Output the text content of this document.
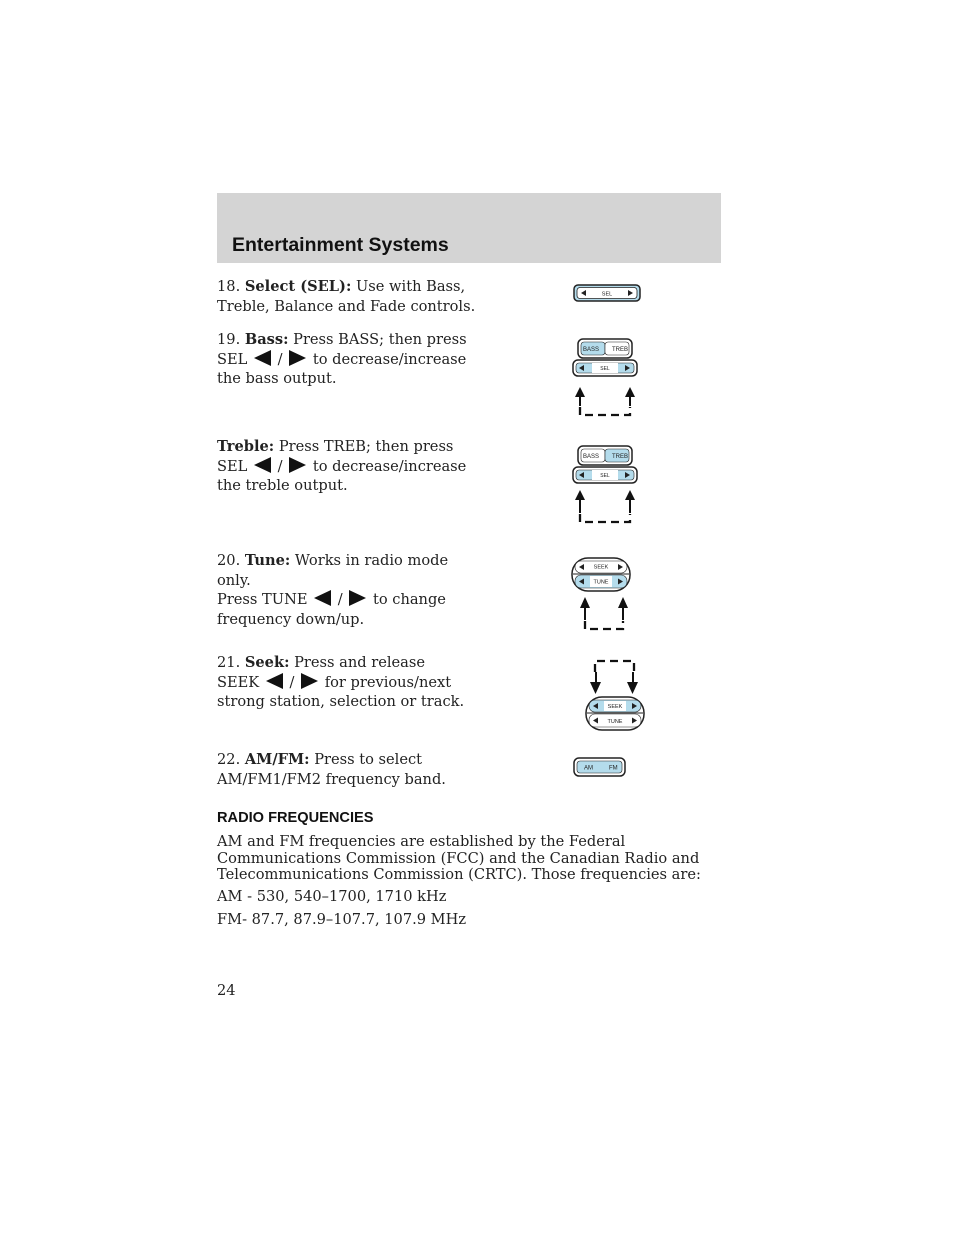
Entertainment Systems

18. Select (SEL): Use with Bass, Treble, Balance and Fade controls.

19. Bass: Press BASS; then press
SEL /  to decrease/increase
the bass output.

Treble: Press TREB; then press
SEL /  to decrease/increase
the treble output.

20. Tune: Works in radio mode only.
Press TUNE /  to change
frequency down/up.

21. Seek: Press and release
SEEK /  for previous/next
strong station, selection or track.

22. AM/FM: Press to select AM/FM1/FM2 frequency band.

SEL
BASS TREB
SEL
BASS TREB
SEL
SEEK
TUNE
SEEK
TUNE
AM	FM
RADIO FREQUENCIES

AM and FM frequencies are established by the Federal Communications Commission (FCC) and the Canadian Radio and Telecommunications Commission (CRTC). Those frequencies are:

AM - 530, 540–1700, 1710 kHz

FM- 87.7, 87.9–107.7, 107.9 MHz

24
